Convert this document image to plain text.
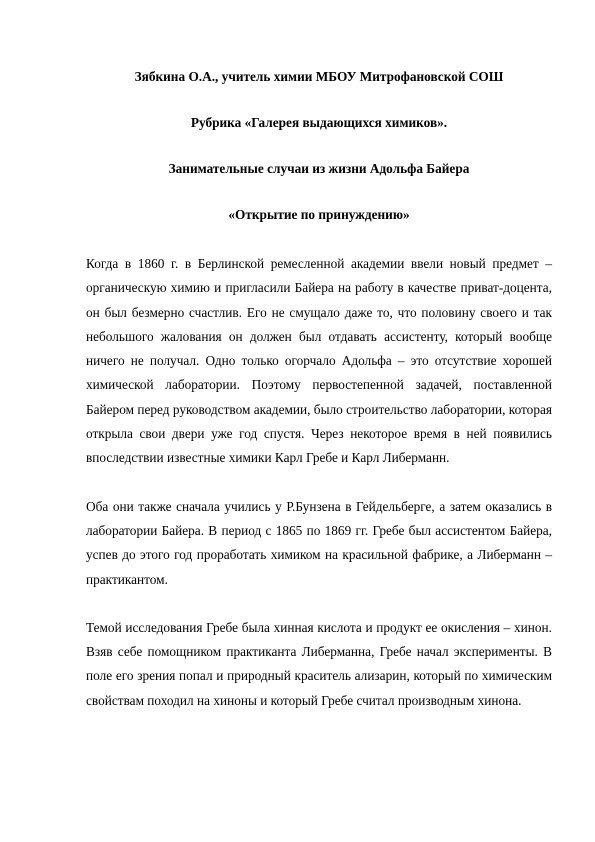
Зябкина О.А., учитель химии МБОУ Митрофановской СОШ
Рубрика «Галерея выдающихся химиков».
Занимательные случаи из жизни Адольфа Байера
«Открытие по принуждению»

Когда в 1860 г. в Берлинской ремесленной академии ввели новый предмет – органическую химию и пригласили Байера на работу в качестве приват-доцента, он был безмерно счастлив. Его не смущало даже то, что половину своего и так небольшого жалования он должен был отдавать ассистенту, который вообще ничего не получал. Одно только огорчало Адольфа – это отсутствие хорошей химической лаборатории. Поэтому первостепенной задачей, поставленной Байером перед руководством академии, было строительство лаборатории, которая открыла свои двери уже год спустя. Через некоторое время в ней появились впоследствии известные химики Карл Гребе и Карл Либерманн.

Оба они также сначала учились у Р.Бунзена в Гейдельберге, а затем оказались в лаборатории Байера. В период с 1865 по 1869 гг. Гребе был ассистентом Байера, успев до этого год проработать химиком на красильной фабрике, а Либерманн – практикантом.

Темой исследования Гребе была хинная кислота и продукт ее окисления – хинон. Взяв себе помощником практиканта Либерманна, Гребе начал эксперименты. В поле его зрения попал и природный краситель ализарин, который по химическим свойствам походил на хиноны и который Гребе считал производным хинона.
